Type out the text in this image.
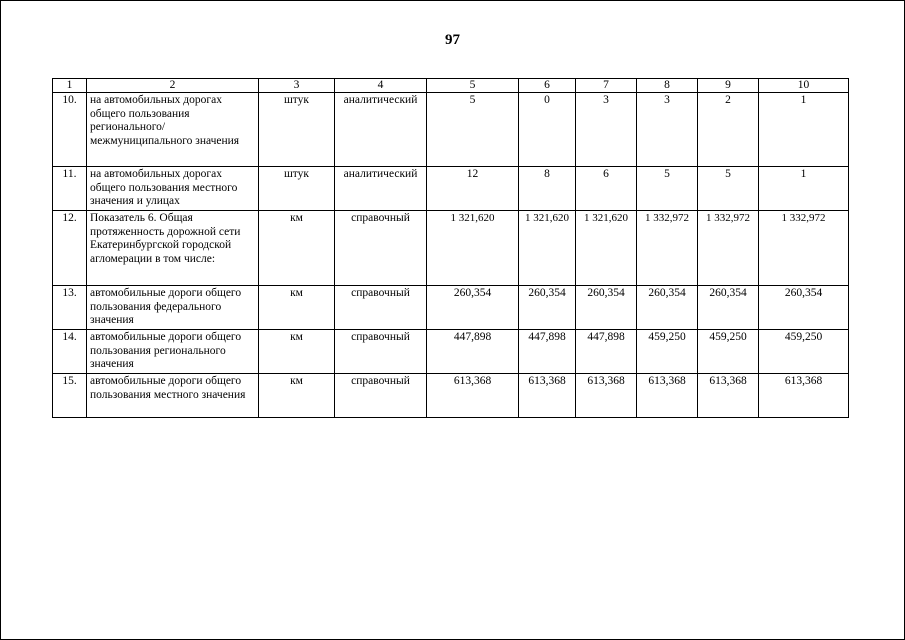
97
1	2	3	4	5	6	7	8	9	10
10.	на автомобильных дорогах общего пользования регионального/ межмуниципального значения	штук	аналитический	5	0	3	3	2	1
11.	на автомобильных дорогах общего пользования местного значения и улицах	штук	аналитический	12	8	6	5	5	1
12.	Показатель 6. Общая протяженность дорожной сети Екатеринбургской городской агломерации в том числе:	км	справочный	1 321,620	1 321,620	1 321,620	1 332,972	1 332,972	1 332,972
13.	автомобильные дороги общего пользования федерального значения	км	справочный	260,354	260,354	260,354	260,354	260,354	260,354
14.	автомобильные дороги общего пользования регионального значения	км	справочный	447,898	447,898	447,898	459,250	459,250	459,250
15.	автомобильные дороги общего пользования местного значения	км	справочный	613,368	613,368	613,368	613,368	613,368	613,368
